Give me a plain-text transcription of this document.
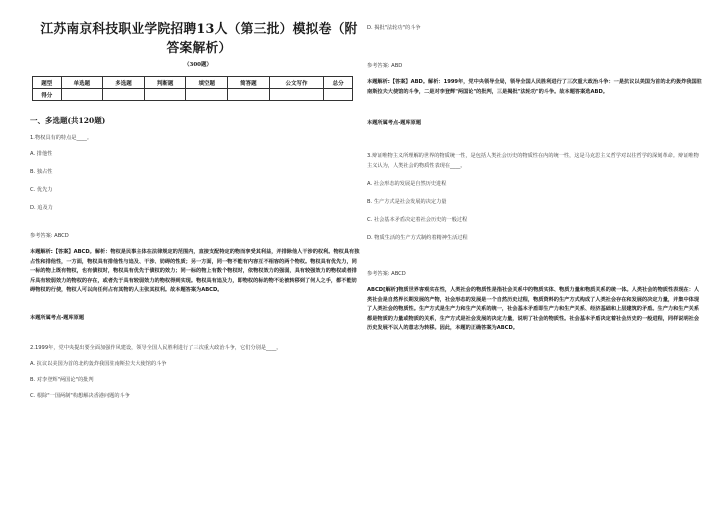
江苏南京科技职业学院招聘13人（第三批）模拟卷（附答案解析）
（300题）
题型	单选题	多选题	判断题	填空题	简答题	公文写作	总分
得分							
一、多选题(共120题)
1.物权具有的特点是____。
A. 排他性
B. 独占性
C. 优先力
D. 追及力
参考答案: ABCD
本题解析:【答案】ABCD。解析：物权是民事主体在法律规定的范围内，直接支配特定的物而享受其利益，并排除他人干涉的权利。物权具有独占性和排他性，一方面，物权具有排他性与追及、干涉、妨碍的性质；另一方面，同一物不能有内容互不相容的两个物权。物权具有优先力，同一标的物上既有物权，也有债权时，物权具有优先于债权的效力；同一标的物上有数个物权时，依物权效力的强弱，具有较强效力的物权或者排斥具有较弱效力的物权的存在，或者先于具有较弱效力的物权得到实现。物权具有追及力，即物权的标的物不论被转移到了何人之手，都不能妨碍物权的行使，物权人可以向任何占有其物的人主张其权利。故本题答案为ABCD。
本题所属考点-题库原题
2.1999年，党中央提出要全面加强作风建设，领导全国人民胜利进行了三次重大政治斗争，它们分别是____。
A. 抗议以美国为首的北约轰炸我国驻南斯拉夫大使馆的斗争
B. 对李登辉"两国论"的批判
C. 根除"一国两制"构想解决香港问题的斗争
D. 揭批"法轮功"的斗争
参考答案: ABD
本题解析:【答案】ABD。解析：1999年，党中央领导全局，领导全国人民胜利进行了三次重大政治斗争：一是抗议以美国为首的北约轰炸我国驻南斯拉夫大使馆的斗争，二是对李登辉"两国论"的批判，三是揭批"法轮功"的斗争。故本题答案选ABD。
本题所属考点-题库原题
3.辩证唯物主义所理解的世界的物质统一性，是包括人类社会历史的物质性在内的统一性，这是马克思主义哲学对以往哲学的深刻革命。辩证唯物主义认为，人类社会的物质性表现在____。
A. 社会形态的发展是自然历史进程
B. 生产方式是社会发展的决定力量
C. 社会基本矛盾决定着社会历史的一般过程
D. 物质生活的生产方式制约着精神生活过程
参考答案: ABCD
ABCD[解析]物质世界客观实在性，人类社会的物质性是指社会关系中的物质实体、物质力量和物质关系的统一体。人类社会的物质性表现在：人类社会是自然界长期发展的产物，社会形态的发展是一个自然历史过程，物质资料的生产方式构成了人类社会存在和发展的决定力量，并集中体现了人类社会的物质性。生产方式是生产力和生产关系的统一，社会基本矛盾即生产力和生产关系、经济基础和上层建筑的矛盾。生产力和生产关系都是物质的力量或物质的关系，生产方式是社会发展的决定力量，说明了社会的物质性。社会基本矛盾决定着社会历史的一般进程，同样说明社会历史发展不以人的意志为转移。因此，本题的正确答案为ABCD。
